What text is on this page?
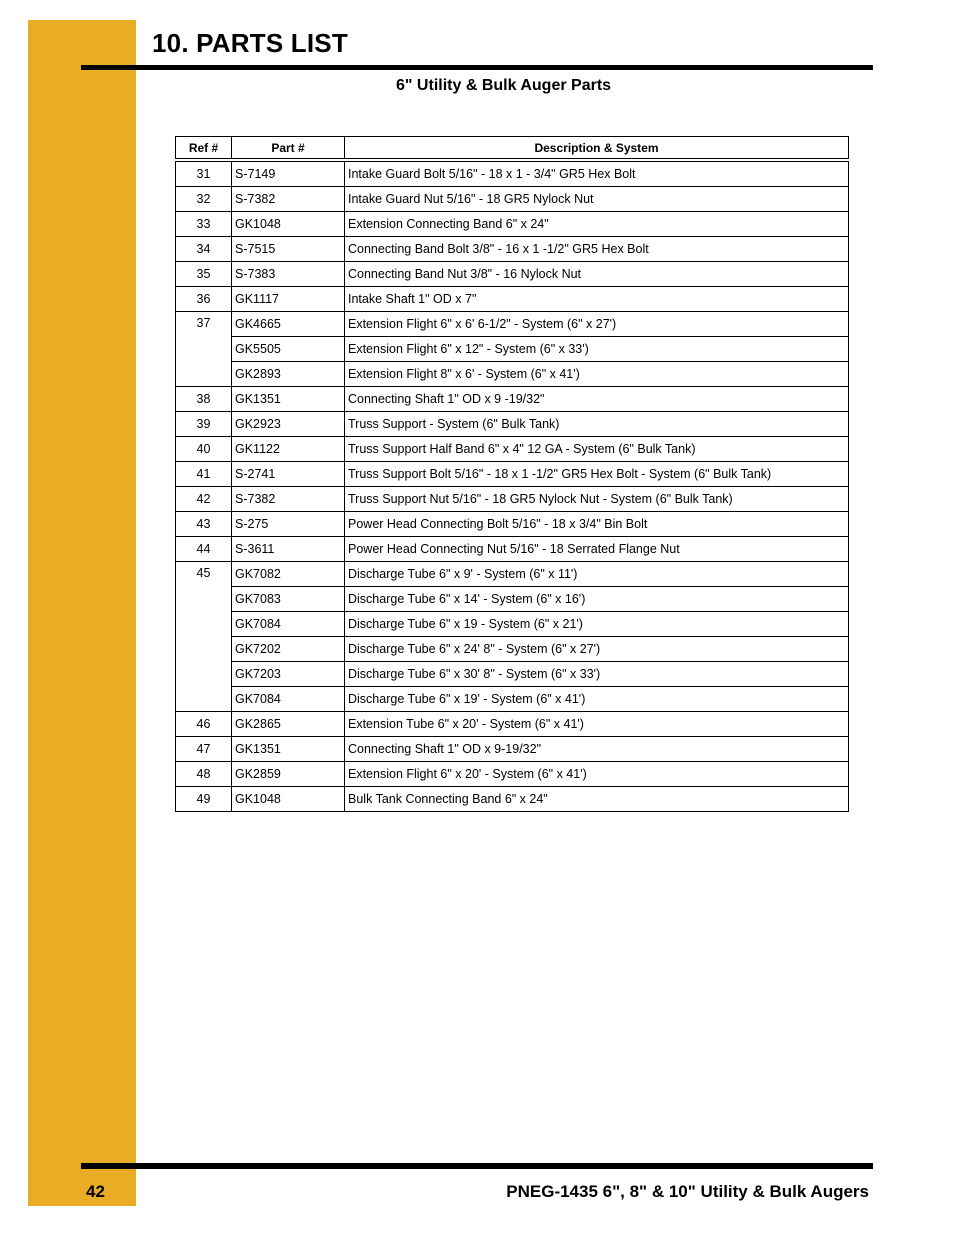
10. PARTS LIST
6" Utility & Bulk Auger Parts
Ref #	Part #	Description & System
31	S-7149	Intake Guard Bolt 5/16" - 18 x 1 - 3/4" GR5 Hex Bolt
32	S-7382	Intake Guard Nut 5/16" - 18 GR5 Nylock Nut
33	GK1048	Extension Connecting Band 6" x 24"
34	S-7515	Connecting Band Bolt 3/8" - 16 x 1 -1/2" GR5 Hex Bolt
35	S-7383	Connecting Band Nut 3/8" - 16 Nylock Nut
36	GK1117	Intake Shaft 1" OD x 7"
37	GK4665	Extension Flight 6" x 6' 6-1/2" - System (6" x 27')
	GK5505	Extension Flight 6" x 12" - System (6" x 33')
	GK2893	Extension Flight 8" x 6' - System (6" x 41')
38	GK1351	Connecting Shaft 1" OD x 9 -19/32"
39	GK2923	Truss Support - System (6" Bulk Tank)
40	GK1122	Truss Support Half Band 6" x 4" 12 GA - System (6" Bulk Tank)
41	S-2741	Truss Support Bolt 5/16" - 18 x 1 -1/2" GR5 Hex Bolt - System (6" Bulk Tank)
42	S-7382	Truss Support Nut 5/16" - 18 GR5 Nylock Nut - System (6" Bulk Tank)
43	S-275	Power Head Connecting Bolt 5/16" - 18 x 3/4" Bin Bolt
44	S-3611	Power Head Connecting Nut 5/16" - 18 Serrated Flange Nut
45	GK7082	Discharge Tube 6" x 9' - System (6" x 11')
	GK7083	Discharge Tube 6" x 14' - System (6" x 16')
	GK7084	Discharge Tube 6" x 19 - System (6" x 21')
	GK7202	Discharge Tube 6" x 24' 8" - System (6" x 27')
	GK7203	Discharge Tube 6" x 30' 8" - System (6" x 33')
	GK7084	Discharge Tube 6" x 19' - System (6" x 41')
46	GK2865	Extension Tube 6" x 20' - System (6" x 41')
47	GK1351	Connecting Shaft 1" OD x 9-19/32"
48	GK2859	Extension Flight 6" x 20' - System (6" x 41')
49	GK1048	Bulk Tank Connecting Band 6" x 24"
42	PNEG-1435 6", 8" & 10" Utility & Bulk Augers
